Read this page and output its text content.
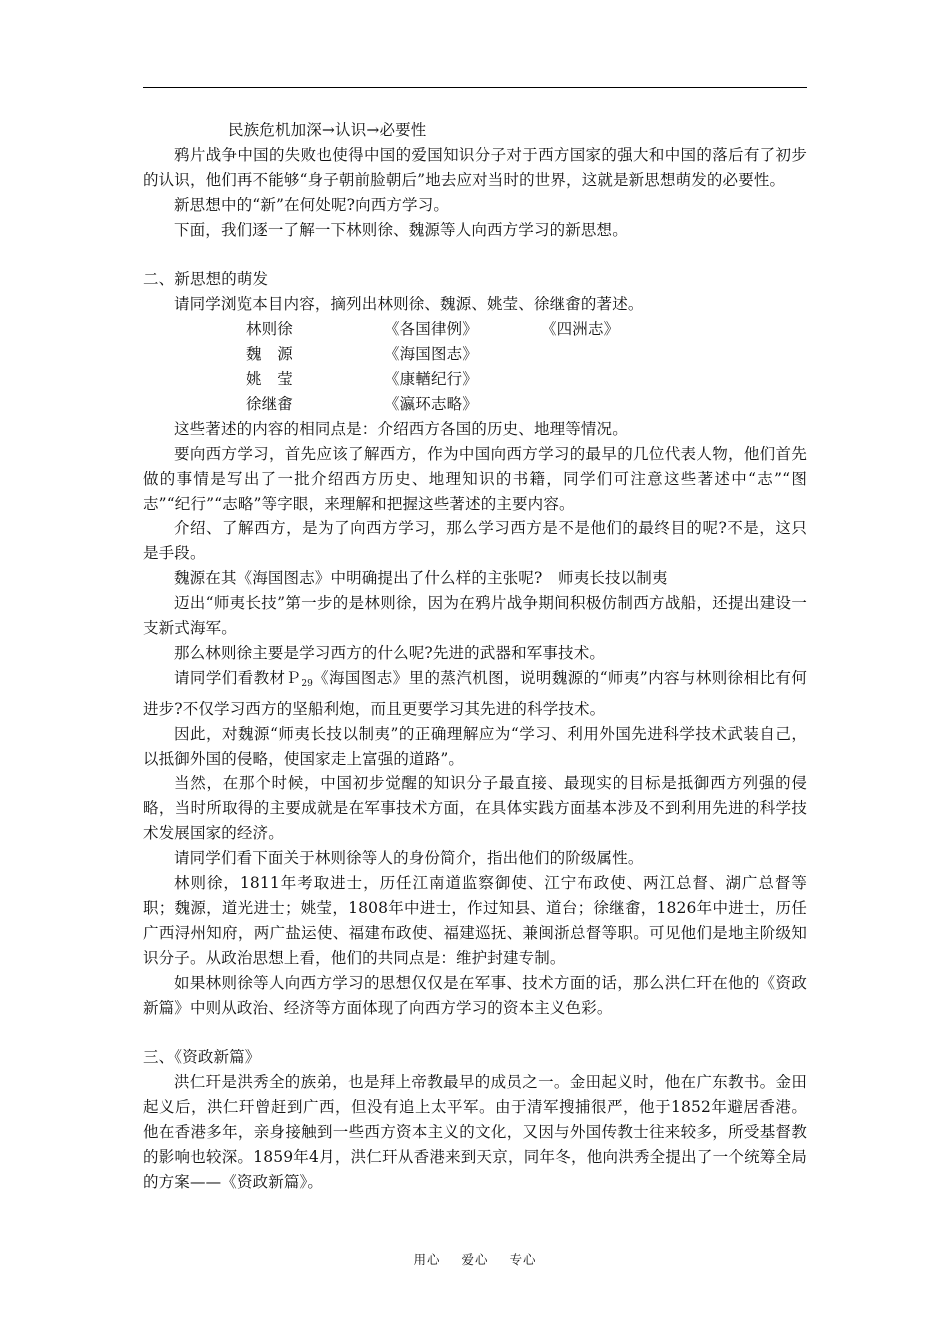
民族危机加深→认识→必要性

鸦片战争中国的失败也使得中国的爱国知识分子对于西方国家的强大和中国的落后有了初步的认识，他们再不能够“身子朝前脸朝后”地去应对当时的世界，这就是新思想萌发的必要性。

新思想中的“新”在何处呢?向西方学习。

下面，我们逐一了解一下林则徐、魏源等人向西方学习的新思想。

二、新思想的萌发

请同学浏览本目内容，摘列出林则徐、魏源、姚莹、徐继畬的著述。

林则徐	《各国律例》	《四洲志》
魏　源	《海国图志》
姚　莹	《康輶纪行》
徐继畬	《瀛环志略》

这些著述的内容的相同点是：介绍西方各国的历史、地理等情况。

要向西方学习，首先应该了解西方，作为中国向西方学习的最早的几位代表人物，他们首先做的事情是写出了一批介绍西方历史、地理知识的书籍，同学们可注意这些著述中“志”“图志”“纪行”“志略”等字眼，来理解和把握这些著述的主要内容。

介绍、了解西方，是为了向西方学习，那么学习西方是不是他们的最终目的呢?不是，这只是手段。

魏源在其《海国图志》中明确提出了什么样的主张呢?　师夷长技以制夷

迈出“师夷长技”第一步的是林则徐，因为在鸦片战争期间积极仿制西方战船，还提出建设一支新式海军。

那么林则徐主要是学习西方的什么呢?先进的武器和军事技术。

请同学们看教材Ｐ$_{29}$《海国图志》里的蒸汽机图，说明魏源的“师夷”内容与林则徐相比有何进步?不仅学习西方的坚船利炮，而且更要学习其先进的科学技术。

因此，对魏源“师夷长技以制夷”的正确理解应为“学习、利用外国先进科学技术武装自己，以抵御外国的侵略，使国家走上富强的道路”。

当然，在那个时候，中国初步觉醒的知识分子最直接、最现实的目标是抵御西方列强的侵略，当时所取得的主要成就是在军事技术方面，在具体实践方面基本涉及不到利用先进的科学技术发展国家的经济。

请同学们看下面关于林则徐等人的身份简介，指出他们的阶级属性。

林则徐，1811年考取进士，历任江南道监察御使、江宁布政使、两江总督、湖广总督等职；魏源，道光进士；姚莹，1808年中进士，作过知县、道台；徐继畬，1826年中进士，历任广西浔州知府，两广盐运使、福建布政使、福建巡抚、兼闽浙总督等职。可见他们是地主阶级知识分子。从政治思想上看，他们的共同点是：维护封建专制。

如果林则徐等人向西方学习的思想仅仅是在军事、技术方面的话，那么洪仁玕在他的《资政新篇》中则从政治、经济等方面体现了向西方学习的资本主义色彩。

三、《资政新篇》

洪仁玕是洪秀全的族弟，也是拜上帝教最早的成员之一。金田起义时，他在广东教书。金田起义后，洪仁玕曾赶到广西，但没有追上太平军。由于清军搜捕很严，他于1852年避居香港。他在香港多年，亲身接触到一些西方资本主义的文化，又因与外国传教士往来较多，所受基督教的影响也较深。1859年4月，洪仁玕从香港来到天京，同年冬，他向洪秀全提出了一个统筹全局的方案——《资政新篇》。

用心 爱心 专心
